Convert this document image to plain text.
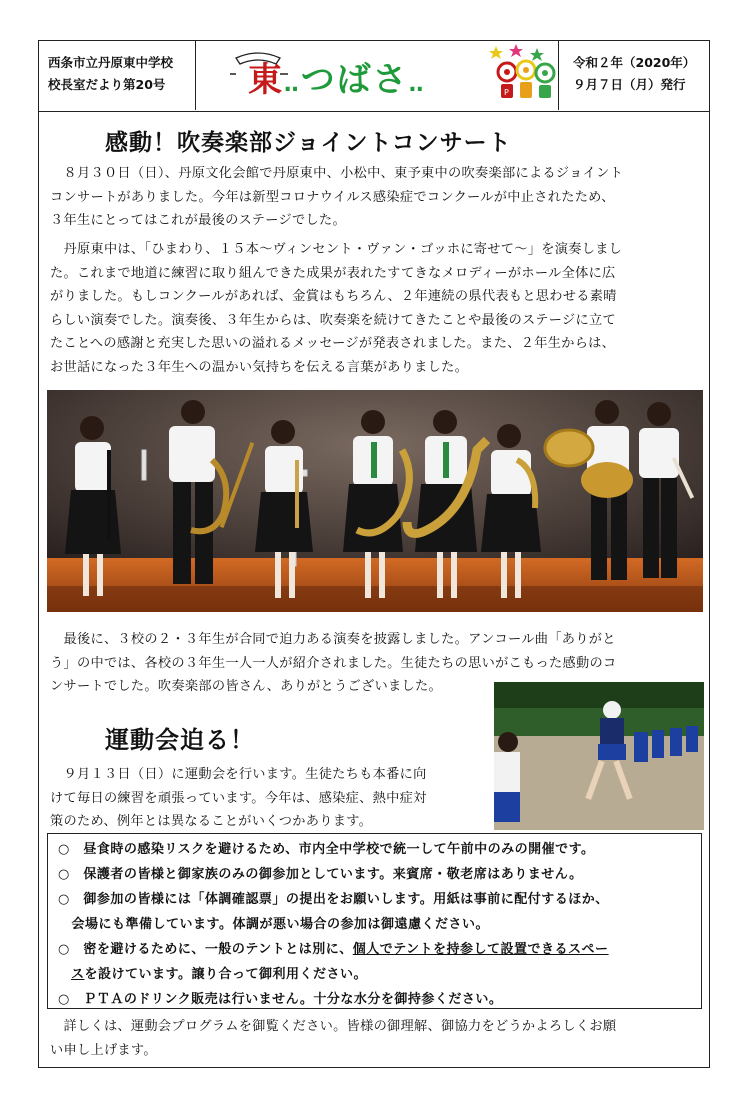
西条市立丹原東中学校
校長室だより第20号
P
東‥つばさ‥
令和２年（2020年）
９月７日（月）発行
感動！吹奏楽部ジョイントコンサート
　８月３０日（日）、丹原文化会館で丹原東中、小松中、東予東中の吹奏楽部によるジョイント
コンサートがありました。今年は新型コロナウイルス感染症でコンクールが中止されたため、
３年生にとってはこれが最後のステージでした。
　丹原東中は、「ひまわり、１５本～ヴィンセント・ヴァン・ゴッホに寄せて～」を演奏しまし
た。これまで地道に練習に取り組んできた成果が表れたすてきなメロディーがホール全体に広
がりました。もしコンクールがあれば、金賞はもちろん、２年連続の県代表もと思わせる素晴
らしい演奏でした。演奏後、３年生からは、吹奏楽を続けてきたことや最後のステージに立て
たことへの感謝と充実した思いの溢れるメッセージが発表されました。また、２年生からは、
お世話になった３年生への温かい気持ちを伝える言葉がありました。
　最後に、３校の２・３年生が合同で迫力ある演奏を披露しました。アンコール曲「ありがと
う」の中では、各校の３年生一人一人が紹介されました。生徒たちの思いがこもった感動のコ
ンサートでした。吹奏楽部の皆さん、ありがとうございました。
運動会迫る！
　９月１３日（日）に運動会を行います。生徒たちも本番に向
けて毎日の練習を頑張っています。今年は、感染症、熱中症対
策のため、例年とは異なることがいくつかあります。
○　昼食時の感染リスクを避けるため、市内全中学校で統一して午前中のみの開催です。
○　保護者の皆様と御家族のみの御参加としています。来賓席・敬老席はありません。
○　御参加の皆様には「体調確認票」の提出をお願いします。用紙は事前に配付するほか、
　会場にも準備しています。体調が悪い場合の参加は御遠慮ください。
○　密を避けるために、一般のテントとは別に、個人でテントを持参して設置できるスペー
スを設けています。譲り合って御利用ください。
○　ＰＴＡのドリンク販売は行いません。十分な水分を御持参ください。
　詳しくは、運動会プログラムを御覧ください。皆様の御理解、御協力をどうかよろしくお願
い申し上げます。
